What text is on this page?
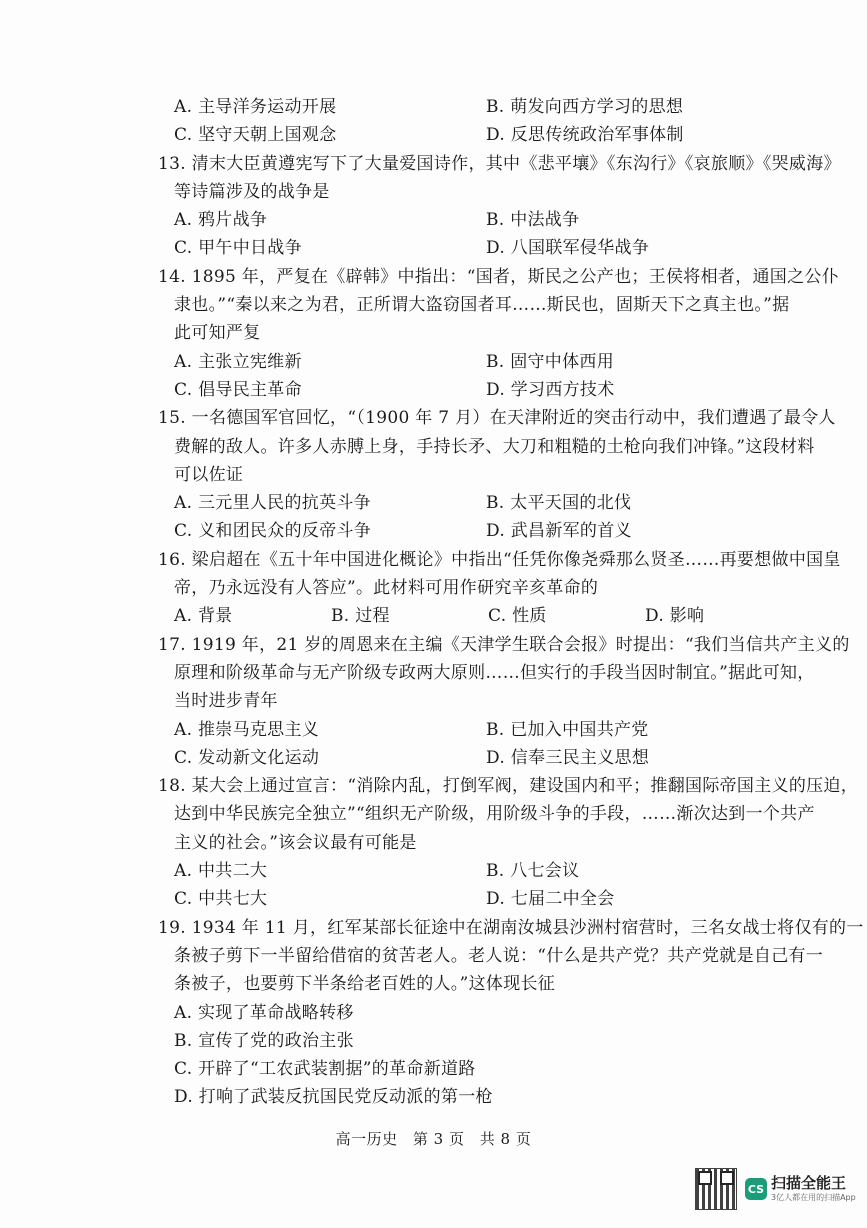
A. 主导洋务运动开展	B. 萌发向西方学习的思想
C. 坚守天朝上国观念	D. 反思传统政治军事体制
13. 清末大臣黄遵宪写下了大量爱国诗作，其中《悲平壤》《东沟行》《哀旅顺》《哭威海》
等诗篇涉及的战争是
A. 鸦片战争	B. 中法战争
C. 甲午中日战争	D. 八国联军侵华战争
14. 1895 年，严复在《辟韩》中指出：“国者，斯民之公产也；王侯将相者，通国之公仆
隶也。”“秦以来之为君，正所谓大盗窃国者耳……斯民也，固斯天下之真主也。”据
此可知严复
A. 主张立宪维新	B. 固守中体西用
C. 倡导民主革命	D. 学习西方技术
15. 一名德国军官回忆，“（1900 年 7 月）在天津附近的突击行动中，我们遭遇了最令人
费解的敌人。许多人赤膊上身，手持长矛、大刀和粗糙的土枪向我们冲锋。”这段材料
可以佐证
A. 三元里人民的抗英斗争	B. 太平天国的北伐
C. 义和团民众的反帝斗争	D. 武昌新军的首义
16. 梁启超在《五十年中国进化概论》中指出“任凭你像尧舜那么贤圣……再要想做中国皇
帝，乃永远没有人答应”。此材料可用作研究辛亥革命的
A. 背景	B. 过程	C. 性质	D. 影响
17. 1919 年，21 岁的周恩来在主编《天津学生联合会报》时提出：“我们当信共产主义的
原理和阶级革命与无产阶级专政两大原则……但实行的手段当因时制宜。”据此可知，
当时进步青年
A. 推崇马克思主义	B. 已加入中国共产党
C. 发动新文化运动	D. 信奉三民主义思想
18. 某大会上通过宣言：“消除内乱，打倒军阀，建设国内和平；推翻国际帝国主义的压迫，
达到中华民族完全独立”“组织无产阶级，用阶级斗争的手段，……渐次达到一个共产
主义的社会。”该会议最有可能是
A. 中共二大	B. 八七会议
C. 中共七大	D. 七届二中全会
19. 1934 年 11 月，红军某部长征途中在湖南汝城县沙洲村宿营时，三名女战士将仅有的一
条被子剪下一半留给借宿的贫苦老人。老人说：“什么是共产党？共产党就是自己有一
条被子，也要剪下半条给老百姓的人。”这体现长征
A. 实现了革命战略转移
B. 宣传了党的政治主张
C. 开辟了“工农武装割据”的革命新道路
D. 打响了武装反抗国民党反动派的第一枪
高一历史 第 3 页 共 8 页
CS 扫描全能王
3亿人都在用的扫描App
